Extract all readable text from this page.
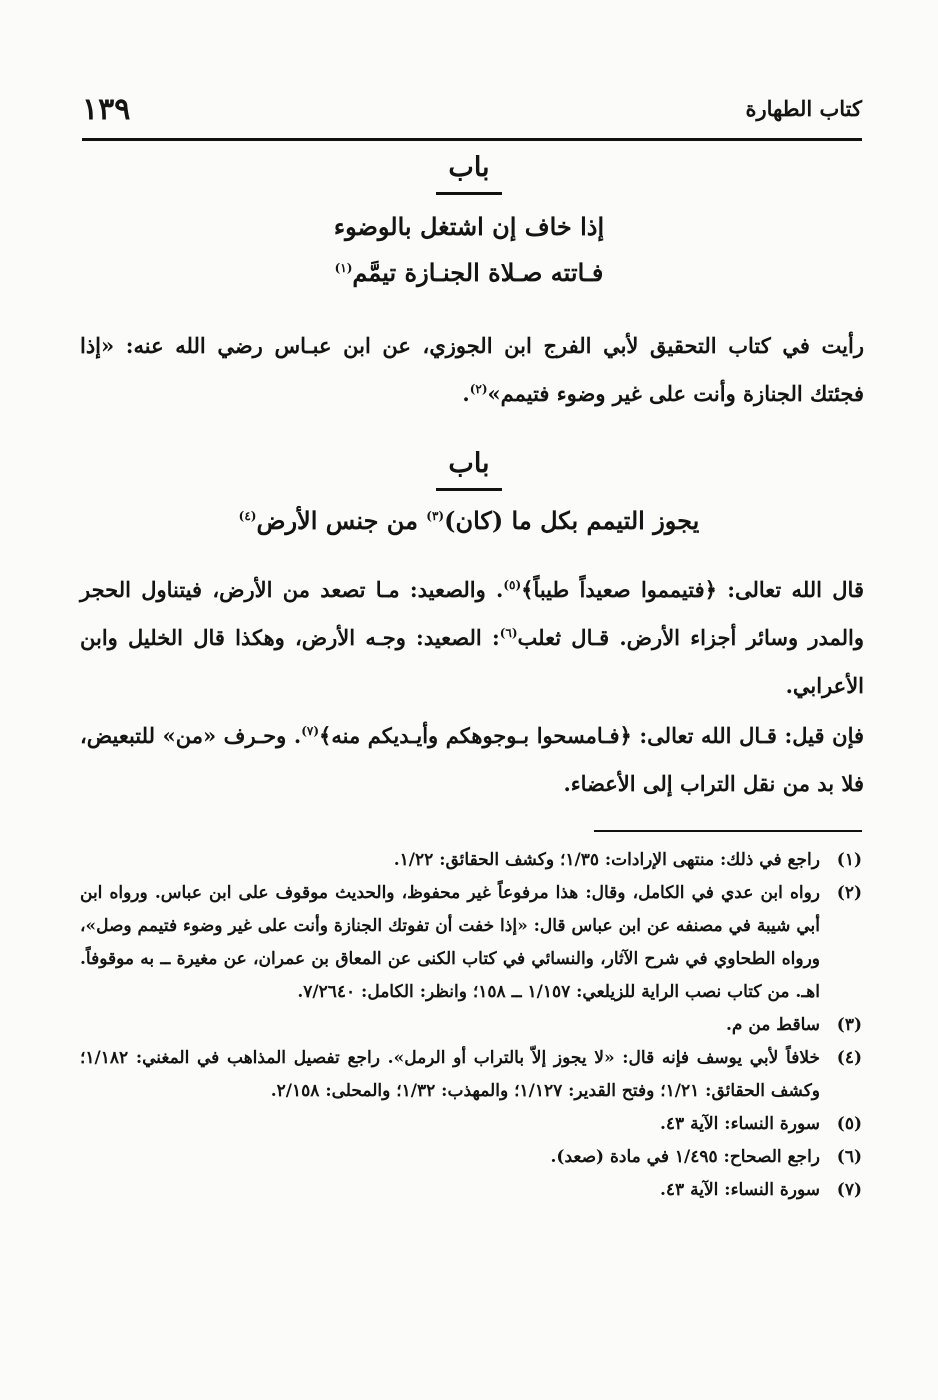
كتاب الطهارة
١٣٩
باب
إذا خاف إن اشتغل بالوضوء
فـاتته صـلاة الجنـازة تيمَّم$^{(١)}$
رأيت في كتاب التحقيق لأبي الفرج ابن الجوزي، عن ابن عبـاس رضي الله عنه: «إذا فجئتك الجنازة وأنت على غير وضوء فتيمم»$^{(٢)}$.
باب
يجوز التيمم بكل ما (كان)$^{(٣)}$ من جنس الأرض$^{(٤)}$
قال الله تعالى: ﴿فتيمموا صعيداً طيباً﴾$^{(٥)}$. والصعيد: مـا تصعد من الأرض، فيتناول الحجر والمدر وسائر أجزاء الأرض. قـال ثعلب$^{(٦)}$: الصعيد: وجـه الأرض، وهكذا قال الخليل وابن الأعرابي.
فإن قيل: قـال الله تعالى: ﴿فـامسحوا بـوجوهكم وأيـديكم منه﴾$^{(٧)}$. وحـرف «من» للتبعيض، فلا بد من نقل التراب إلى الأعضاء.
(١)
راجع في ذلك: منتهى الإرادات: ١/٣٥؛ وكشف الحقائق: ١/٢٢.
(٢)
رواه ابن عدي في الكامل، وقال: هذا مرفوعاً غير محفوظ، والحديث موقوف على ابن عباس. ورواه ابن أبي شيبة في مصنفه عن ابن عباس قال: «إذا خفت أن تفوتك الجنازة وأنت على غير وضوء فتيمم وصل»، ورواه الطحاوي في شرح الآثار، والنسائي في كتاب الكنى عن المعاق بن عمران، عن مغيرة ــ به موقوفاً. اهـ. من كتاب نصب الراية للزيلعي: ١/١٥٧ ــ ١٥٨؛ وانظر: الكامل: ٧/٢٦٤٠.
(٣)
ساقط من م.
(٤)
خلافاً لأبي يوسف فإنه قال: «لا يجوز إلاّ بالتراب أو الرمل». راجع تفصيل المذاهب في المغني: ١/١٨٢؛ وكشف الحقائق: ١/٢١؛ وفتح القدير: ١/١٢٧؛ والمهذب: ١/٣٢؛ والمحلى: ٢/١٥٨.
(٥)
سورة النساء: الآية ٤٣.
(٦)
راجع الصحاح: ١/٤٩٥ في مادة (صعد).
(٧)
سورة النساء: الآية ٤٣.
